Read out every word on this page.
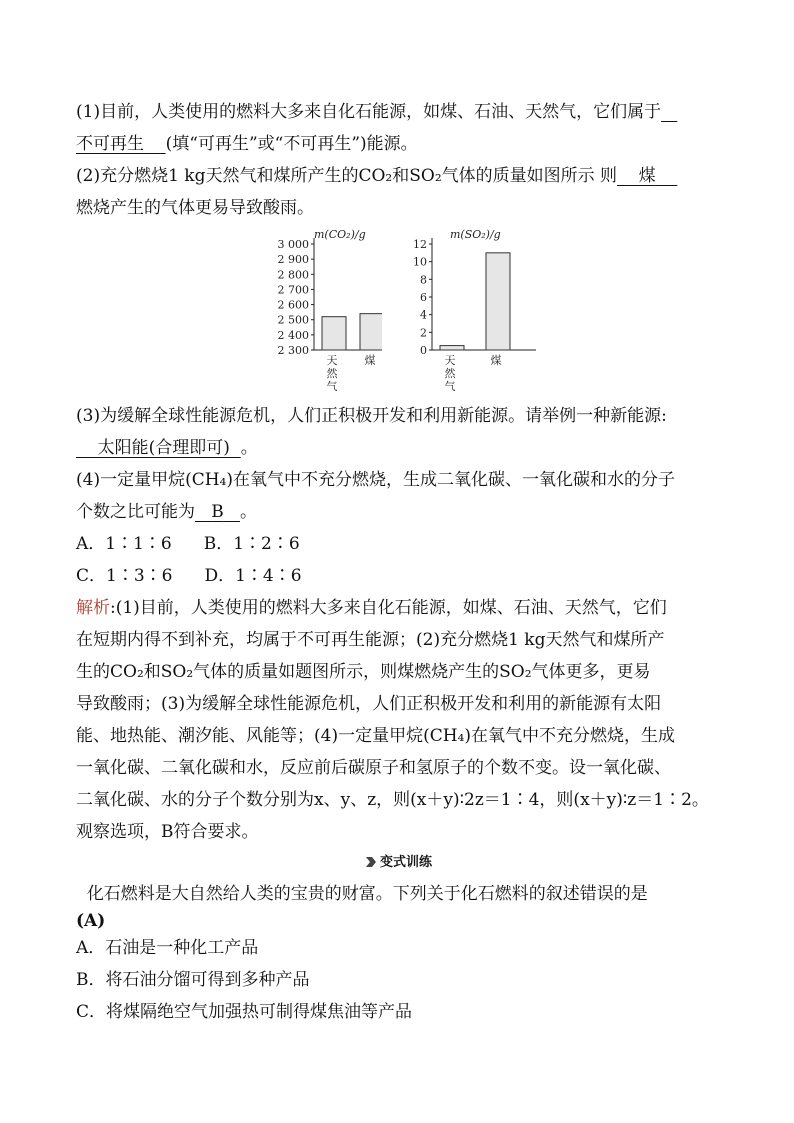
(1)目前，人类使用的燃料大多来自化石能源，如煤、石油、天然气，它们属于
不可再生 (填“可再生”或“不可再生”)能源。
(2)充分燃烧1 kg天然气和煤所产生的CO₂和SO₂气体的质量如图所示 则 煤
燃烧产生的气体更易导致酸雨。
m(CO₂)/g
2 300
2 400
2 500
2 600
2 700
2 800
2 900
3 000
天然气
煤
m(SO₂)/g
0
2
4
6
8
10
12
天然气
煤
(3)为缓解全球性能源危机，人们正积极开发和利用新能源。请举例一种新能源:
太阳能(合理即可) 。
(4)一定量甲烷(CH₄)在氧气中不充分燃烧，生成二氧化碳、一氧化碳和水的分子
个数之比可能为 B 。
A．1∶1∶6 B．1∶2∶6
C．1∶3∶6 D．1∶4∶6
解析:(1)目前，人类使用的燃料大多来自化石能源，如煤、石油、天然气，它们
在短期内得不到补充，均属于不可再生能源；(2)充分燃烧1 kg天然气和煤所产
生的CO₂和SO₂气体的质量如题图所示，则煤燃烧产生的SO₂气体更多，更易
导致酸雨；(3)为缓解全球性能源危机，人们正积极开发和利用的新能源有太阳
能、地热能、潮汐能、风能等；(4)一定量甲烷(CH₄)在氧气中不充分燃烧，生成
一氧化碳、二氧化碳和水，反应前后碳原子和氢原子的个数不变。设一氧化碳、
二氧化碳、水的分子个数分别为x、y、z，则(x＋y)∶2z＝1∶4，则(x＋y)∶z＝1∶2。
观察选项，B符合要求。
变式训练
化石燃料是大自然给人类的宝贵的财富。下列关于化石燃料的叙述错误的是
(A)
A．石油是一种化工产品
B．将石油分馏可得到多种产品
C．将煤隔绝空气加强热可制得煤焦油等产品
